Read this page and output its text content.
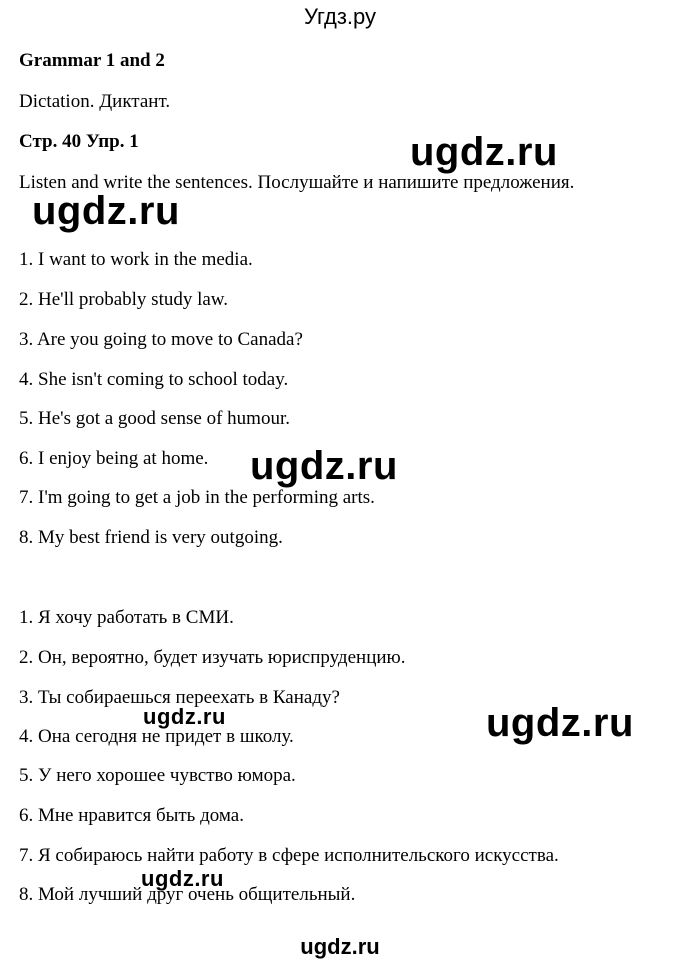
Угдз.ру
Grammar 1 and 2
Dictation. Диктант.
Стр. 40 Упр. 1
Listen and write the sentences. Послушайте и напишите предложения.
1. I want to work in the media.
2. He'll probably study law.
3. Are you going to move to Canada?
4. She isn't coming to school today.
5. He's got a good sense of humour.
6. I enjoy being at home.
7. I'm going to get a job in the performing arts.
8. My best friend is very outgoing.
1. Я хочу работать в СМИ.
2. Он, вероятно, будет изучать юриспруденцию.
3. Ты собираешься переехать в Канаду?
4. Она сегодня не придет в школу.
5. У него хорошее чувство юмора.
6. Мне нравится быть дома.
7. Я собираюсь найти работу в сфере исполнительского искусства.
8. Мой лучший друг очень общительный.
ugdz.ru
ugdz.ru
ugdz.ru
ugdz.ru
ugdz.ru
ugdz.ru
ugdz.ru
